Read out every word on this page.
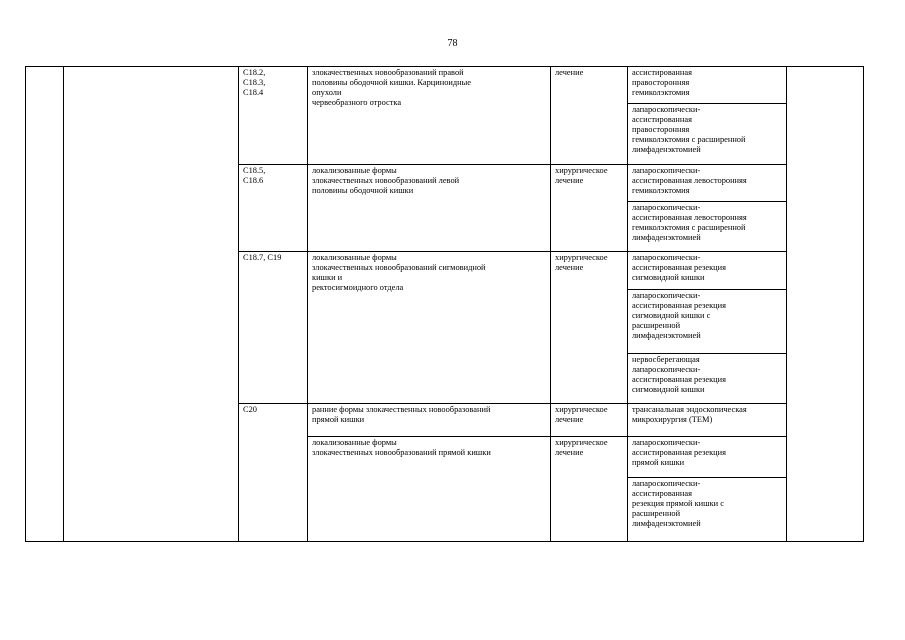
78

		C18.2,
C18.3,
C18.4	злокачественных новообразований правой
половины ободочной кишки. Карциноидные
опухоли
червеобразного отростка	лечение	ассистированная
правосторонняя
гемиколэктомия	

					лапароскопически-
ассистированная
правосторонняя
гемиколэктомия с расширенной
лимфаденэктомией	

		C18.5,
C18.6	локализованные формы
злокачественных новообразований левой
половины ободочной кишки	хирургическое
лечение	лапароскопически-
ассистированная левосторонняя
гемиколэктомия	

					лапароскопически-
ассистированная левосторонняя
гемиколэктомия с расширенной
лимфаденэктомией	

		C18.7, C19	локализованные формы
злокачественных новообразований сигмовидной
кишки и
ректосигмоидного отдела	хирургическое
лечение	лапароскопически-
ассистированная резекция
сигмовидной кишки	

					лапароскопически-
ассистированная резекция
сигмовидной кишки с
расширенной
лимфаденэктомией	

					нервосберегающая
лапароскопически-
ассистированная резекция
сигмовидной кишки	

		C20	ранние формы злокачественных новообразований
прямой кишки	хирургическое
лечение	трансанальная эндоскопическая
микрохирургия (ТЕМ)	

			локализованные формы
злокачественных новообразований прямой кишки	хирургическое
лечение	лапароскопически-
ассистированная резекция
прямой кишки	

					лапароскопически-
ассистированная
резекция прямой кишки с
расширенной
лимфаденэктомией	
